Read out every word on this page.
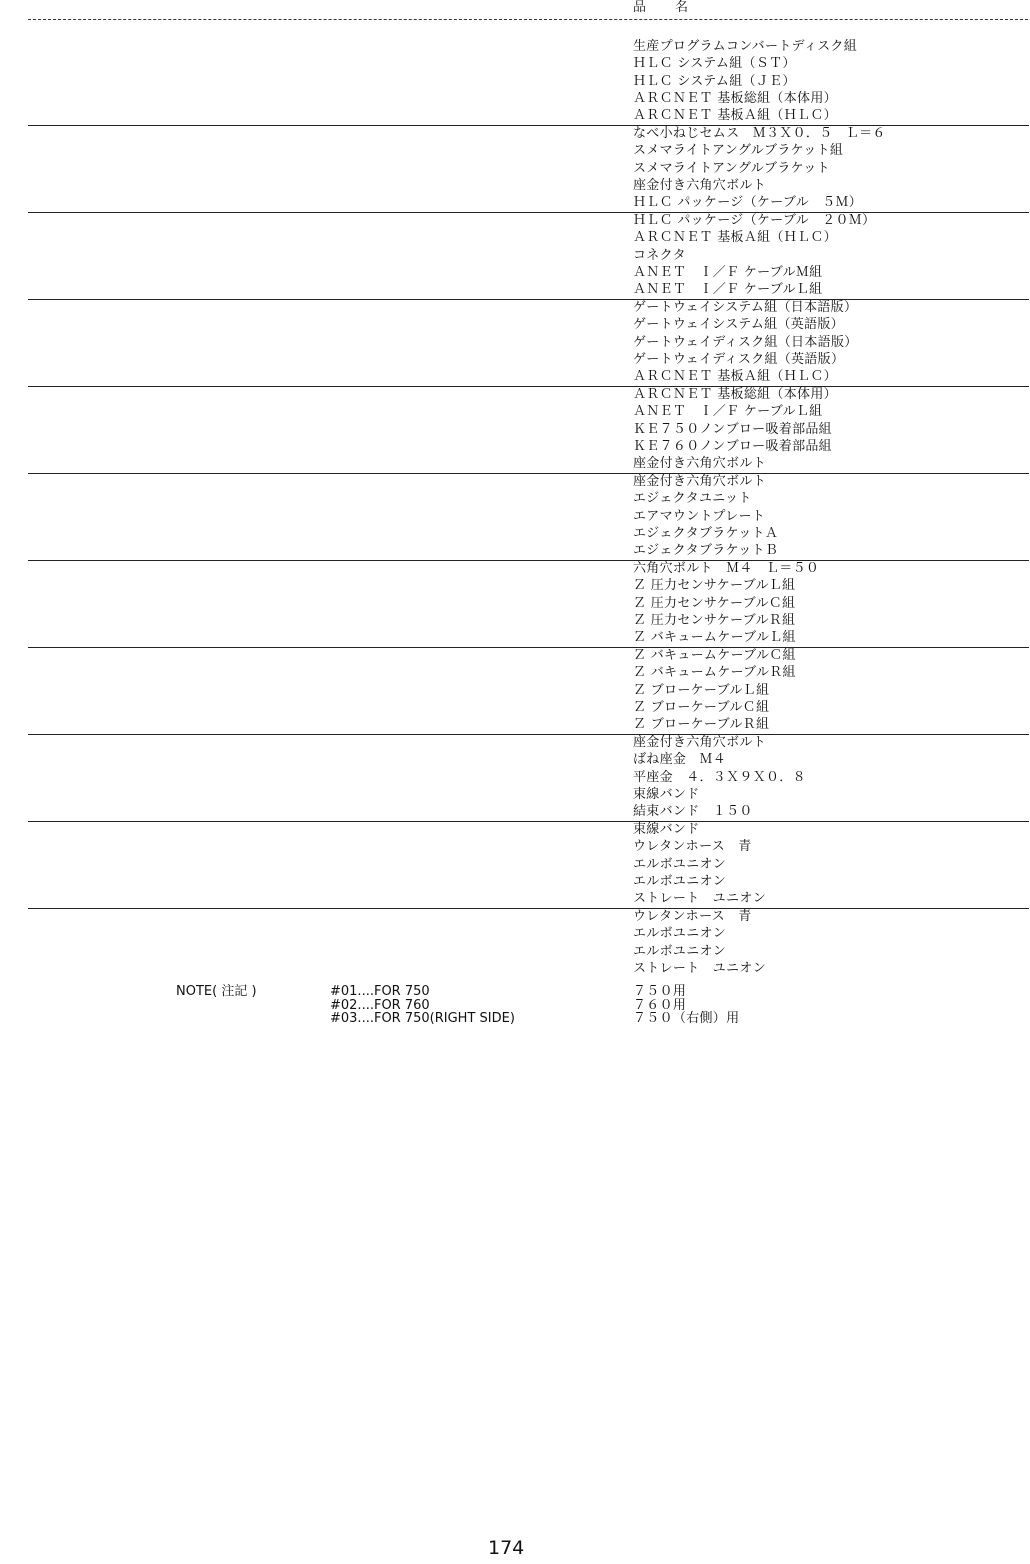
品　名
生産プログラムコンバートディスク組
ＨＬＣ システム組（ＳＴ）
ＨＬＣ システム組（ＪＥ）
ＡＲＣＮＥＴ 基板総組（本体用）
ＡＲＣＮＥＴ 基板Ａ組（ＨＬＣ）
なべ小ねじセムス　Ｍ３Ｘ０．５　Ｌ＝６
スメマライトアングルブラケット組
スメマライトアングルブラケット
座金付き六角穴ボルト
ＨＬＣ パッケージ（ケーブル　５Ｍ）
ＨＬＣ パッケージ（ケーブル　２０Ｍ）
ＡＲＣＮＥＴ 基板Ａ組（ＨＬＣ）
コネクタ
ＡＮＥＴ　Ｉ／Ｆ ケーブルＭ組
ＡＮＥＴ　Ｉ／Ｆ ケーブルＬ組
ゲートウェイシステム組（日本語版）
ゲートウェイシステム組（英語版）
ゲートウェイディスク組（日本語版）
ゲートウェイディスク組（英語版）
ＡＲＣＮＥＴ 基板Ａ組（ＨＬＣ）
ＡＲＣＮＥＴ 基板総組（本体用）
ＡＮＥＴ　Ｉ／Ｆ ケーブルＬ組
ＫＥ７５０ノンブロー吸着部品組
ＫＥ７６０ノンブロー吸着部品組
座金付き六角穴ボルト
座金付き六角穴ボルト
エジェクタユニット
エアマウントプレート
エジェクタブラケットＡ
エジェクタブラケットＢ
六角穴ボルト　Ｍ４　Ｌ＝５０
Ｚ 圧力センサケーブルＬ組
Ｚ 圧力センサケーブルＣ組
Ｚ 圧力センサケーブルＲ組
Ｚ バキュームケーブルＬ組
Ｚ バキュームケーブルＣ組
Ｚ バキュームケーブルＲ組
Ｚ ブローケーブルＬ組
Ｚ ブローケーブルＣ組
Ｚ ブローケーブルＲ組
座金付き六角穴ボルト
ばね座金　Ｍ４
平座金　４．３Ｘ９Ｘ０．８
束線バンド
結束バンド　１５０
束線バンド
ウレタンホース　青
エルボユニオン
エルボユニオン
ストレート　ユニオン
ウレタンホース　青
エルボユニオン
エルボユニオン
ストレート　ユニオン
NOTE( 注記 )	#01....FOR 750	７５０用
#02....FOR 760	７６０用
#03....FOR 750(RIGHT SIDE)	７５０（右側）用
174
